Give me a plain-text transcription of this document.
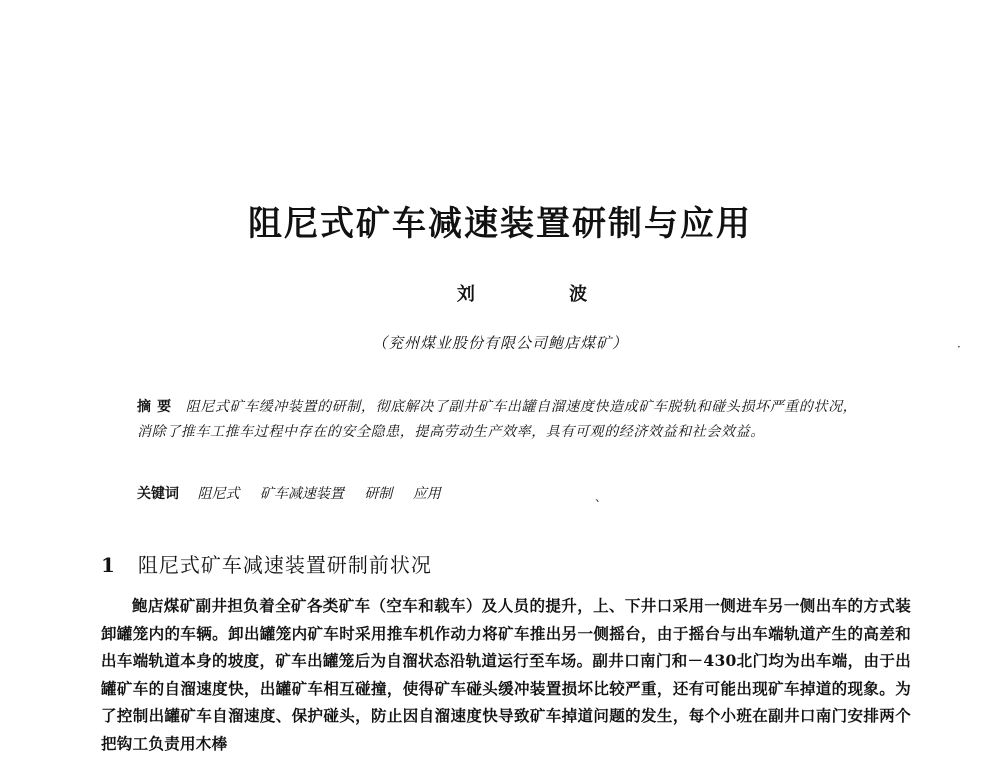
阻尼式矿车减速装置研制与应用
刘 波
（兖州煤业股份有限公司鲍店煤矿）	·
摘 要 阻尼式矿车缓冲装置的研制，彻底解决了副井矿车出罐自溜速度快造成矿车脱轨和碰头损坏严重的状况，消除了推车工推车过程中存在的安全隐患，提高劳动生产效率，具有可观的经济效益和社会效益。
关键词 阻尼式 矿车减速装置 研制 应用	、
1 阻尼式矿车减速装置研制前状况
鲍店煤矿副井担负着全矿各类矿车（空车和载车）及人员的提升，上、下井口采用一侧进车另一侧出车的方式装卸罐笼内的车辆。卸出罐笼内矿车时采用推车机作动力将矿车推出另一侧摇台，由于摇台与出车端轨道产生的高差和出车端轨道本身的坡度，矿车出罐笼后为自溜状态沿轨道运行至车场。副井口南门和－430北门均为出车端，由于出罐矿车的自溜速度快，出罐矿车相互碰撞，使得矿车碰头缓冲装置损坏比较严重，还有可能出现矿车掉道的现象。为了控制出罐矿车自溜速度、保护碰头，防止因自溜速度快导致矿车掉道问题的发生，每个小班在副井口南门安排两个把钩工负责用木棒
